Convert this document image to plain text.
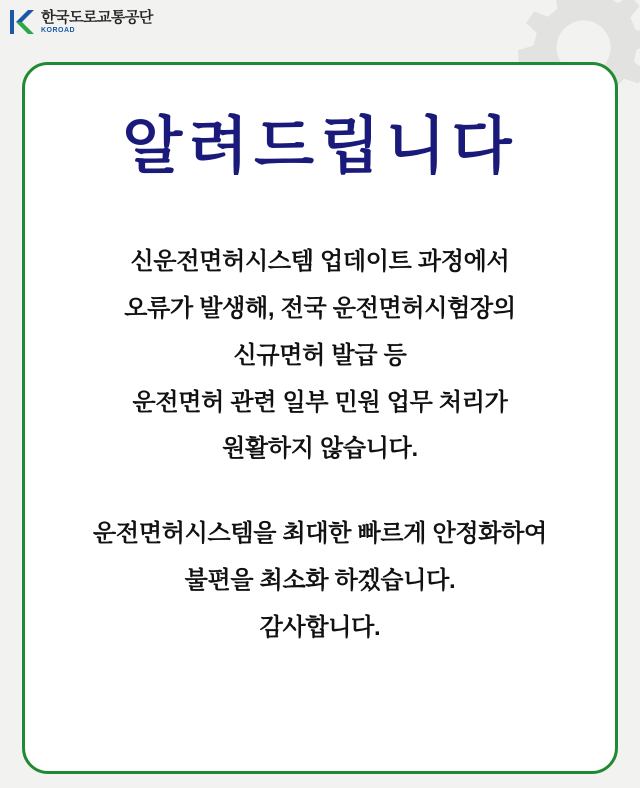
한국도로교통공단
KOROAD
알려드립니다
신운전면허시스템 업데이트 과정에서
오류가 발생해, 전국 운전면허시험장의
신규면허 발급 등
운전면허 관련 일부 민원 업무 처리가
원활하지 않습니다.
운전면허시스템을 최대한 빠르게 안정화하여
불편을 최소화 하겠습니다.
감사합니다.
